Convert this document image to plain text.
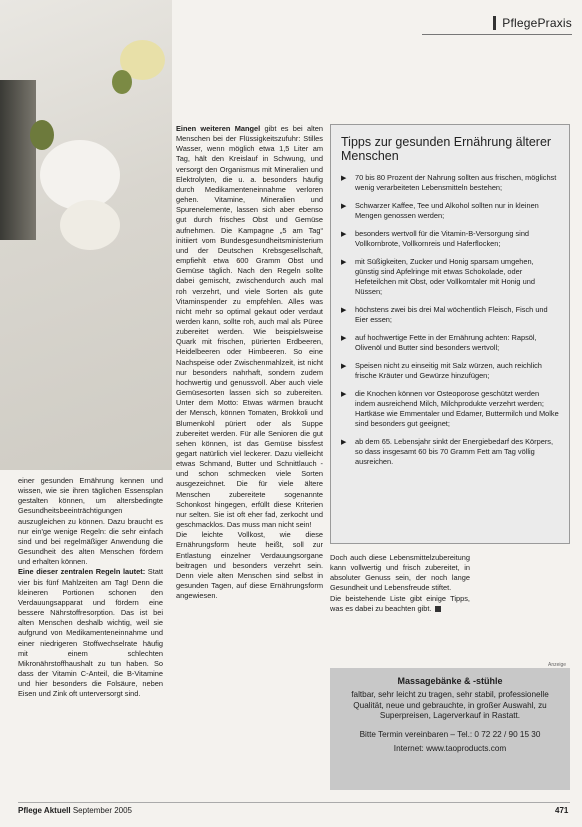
PflegePraxis

einer gesunden Ernährung kennen und wissen, wie sie ihren täglichen Essensplan gestalten können, um altersbedingte Gesundheitsbeeinträchtigungen auszugleichen zu können. Dazu braucht es nur ein'ge wenige Regeln: die sehr einfach sind und bei regelmäßiger Anwendung die Gesundheit des alten Menschen fördern und erhalten können.

Eine dieser zentralen Regeln lautet: Statt vier bis fünf Mahlzeiten am Tag! Denn die kleineren Portionen schonen den Verdauungsapparat und fördern eine bessere Nährstoffresorption. Das ist bei alten Menschen deshalb wichtig, weil sie aufgrund von Medikamenteneinnahme und einer niedrigeren Stoffwechselrate häufig mit einem schlechten Mikronährstoffhaushalt zu tun haben. So dass der Vitamin C-Anteil, die B-Vitamine und hier besonders die Folsäure, neben Eisen und Zink oft unterversorgt sind.

Einen weiteren Mangel gibt es bei alten Menschen bei der Flüssigkeitszufuhr: Stilles Wasser, wenn möglich etwa 1,5 Liter am Tag, hält den Kreislauf in Schwung, und versorgt den Organismus mit Mineralien und Elektrolyten, die u. a. besonders häufig durch Medikamenteneinnahme verloren gehen. Vitamine, Mineralien und Spurenelemente, lassen sich aber ebenso gut durch frisches Obst und Gemüse aufnehmen. Die Kampagne „5 am Tag“ initiiert vom Bundesgesundheitsministerium und der Deutschen Krebsgesellschaft, empfiehlt etwa 600 Gramm Obst und Gemüse täglich. Nach den Regeln sollte dabei gemischt, zwischendurch auch mal roh verzehrt, und viele Sorten als gute Vitaminspender zu empfehlen. Alles was nicht mehr so optimal gekaut oder verdaut werden kann, sollte roh, auch mal als Püree zubereitet werden. Wie beispielsweise Quark mit frischen, pürierten Erdbeeren, Heidelbeeren oder Himbeeren. So eine Nachspeise oder Zwischenmahlzeit, ist nicht nur besonders nahrhaft, sondern zudem hochwertig und genussvoll. Aber auch viele Gemüsesorten lassen sich so zubereiten. Unter dem Motto: Etwas wärmen braucht der Mensch, können Tomaten, Brokkoli und Blumenkohl püriert oder als Suppe zubereitet werden. Für alle Senioren die gut sehen können, ist das Gemüse bissfest gegart natürlich viel leckerer. Dazu vielleicht etwas Schmand, Butter und Schnittlauch - und schon schmecken viele Sorten ausgezeichnet. Die für viele ältere Menschen zubereitete sogenannte Schonkost hingegen, erfüllt diese Kriterien nur selten. Sie ist oft eher fad, zerkocht und geschmacklos. Das muss man nicht sein!

Die leichte Vollkost, wie diese Ernährungsform heute heißt, soll zur Entlastung einzelner Verdauungsorgane beitragen und besonders verzehrt sein. Denn viele alten Menschen sind selbst in gesunden Tagen, auf diese Ernährungsform angewiesen.

Tipps zur gesunden Ernährung älterer Menschen
▶ 70 bis 80 Prozent der Nahrung sollten aus frischen, möglichst wenig verarbeiteten Lebensmitteln bestehen;
▶ Schwarzer Kaffee, Tee und Alkohol sollten nur in kleinen Mengen genossen werden;
▶ besonders wertvoll für die Vitamin-B-Versorgung sind Vollkornbrote, Vollkornreis und Haferflocken;
▶ mit Süßigkeiten, Zucker und Honig sparsam umgehen, günstig sind Apfelringe mit etwas Schokolade, oder Hefeteilchen mit Obst, oder Vollkorntaler mit Honig und Nüssen;
▶ höchstens zwei bis drei Mal wöchentlich Fleisch, Fisch und Eier essen;
▶ auf hochwertige Fette in der Ernährung achten: Rapsöl, Olivenöl und Butter sind besonders wertvoll;
▶ Speisen nicht zu einseitig mit Salz würzen, auch reichlich frische Kräuter und Gewürze hinzufügen;
▶ die Knochen können vor Osteoporose geschützt werden indem ausreichend Milch, Milchprodukte verzehrt werden; Hartkäse wie Emmentaler und Edamer, Buttermilch und Molke sind besonders gut geeignet;
▶ ab dem 65. Lebensjahr sinkt der Energiebedarf des Körpers, so dass insgesamt 60 bis 70 Gramm Fett am Tag völlig ausreichen.

Doch auch diese Lebensmittelzubereitung kann vollwertig und frisch zubereitet, in absoluter Genuss sein, der noch lange Gesundheit und Lebensfreude stiftet.

Die beistehende Liste gibt einige Tipps, was es dabei zu beachten gibt.

Anzeige
Massagebänke & -stühle
faltbar, sehr leicht zu tragen, sehr stabil, professionelle Qualität, neue und gebrauchte, in großer Auswahl, zu Superpreisen, Lagerverkauf in Rastatt.
Bitte Termin vereinbaren – Tel.: 0 72 22 / 90 15 30
Internet: www.taoproducts.com
Pflege Aktuell September 2005	471
